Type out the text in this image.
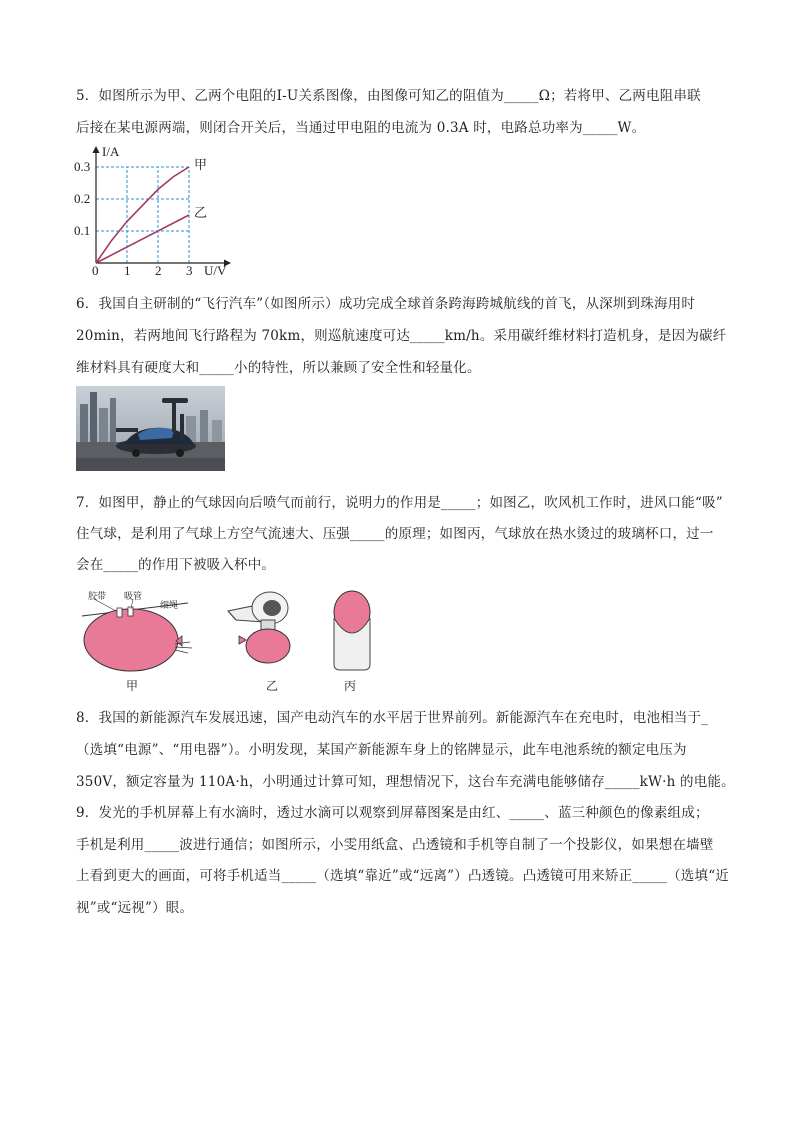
5．如图所示为甲、乙两个电阻的I-U关系图像，由图像可知乙的阻值为_____Ω；若将甲、乙两电阻串联
后接在某电源两端，则闭合开关后，当通过甲电阻的电流为 0.3A 时，电路总功率为_____W。
I/A
U/V
0 1 2 3
0.1
0.2
0.3	甲
乙
6．我国自主研制的“飞行汽车”（如图所示）成功完成全球首条跨海跨城航线的首飞，从深圳到珠海用时
20min，若两地间飞行路程为 70km，则巡航速度可达_____km/h。采用碳纤维材料打造机身，是因为碳纤
维材料具有硬度大和_____小的特性，所以兼顾了安全性和轻量化。
7．如图甲，静止的气球因向后喷气而前行，说明力的作用是_____；如图乙，吹风机工作时，进风口能“吸”
住气球，是利用了气球上方空气流速大、压强_____的原理；如图丙，气球放在热水烫过的玻璃杯口，过一
会在_____的作用下被吸入杯中。
胶带 吸管
细绳
甲	乙	丙
8．我国的新能源汽车发展迅速，国产电动汽车的水平居于世界前列。新能源汽车在充电时，电池相当于_
（选填“电源”、“用电器”）。小明发现，某国产新能源车身上的铭牌显示，此车电池系统的额定电压为
350V，额定容量为 110A·h，小明通过计算可知，理想情况下，这台车充满电能够储存_____kW·h 的电能。
9．发光的手机屏幕上有水滴时，透过水滴可以观察到屏幕图案是由红、_____、蓝三种颜色的像素组成；
手机是利用_____波进行通信；如图所示，小雯用纸盒、凸透镜和手机等自制了一个投影仪，如果想在墙壁
上看到更大的画面，可将手机适当_____（选填“靠近”或“远离”）凸透镜。凸透镜可用来矫正_____（选填“近
视”或“远视”）眼。
